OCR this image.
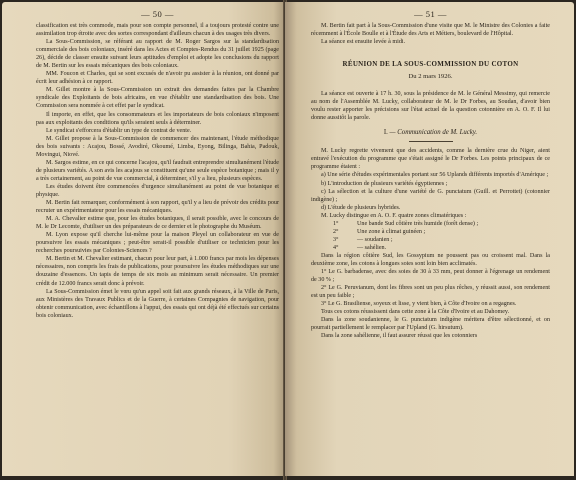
— 50 —

classification est très commode, mais pour son compte personnel, il a toujours protesté contre une assimilation trop étroite avec des sortes correspondant d'ailleurs chacun à des usages très divers.

La Sous-Commission, se référant au rapport de M. Roger Sargos sur la standardisation commerciale des bois coloniaux, inséré dans les Actes et Comptes-Rendus du 31 juillet 1925 (page 26), décide de classer ensuite suivant leurs aptitudes d'emploi et adopte les conclusions du rapport de M. Bertin sur les essais mécaniques des bois coloniaux.

MM. Foucon et Charles, qui se sont excusés de n'avoir pu assister à la réunion, ont donné par écrit leur adhésion à ce rapport.

M. Gillet montre à la Sous-Commission un extrait des demandes faites par la Chambre syndicale des Exploitants de bois africains, en vue d'établir une standardisation des bois. Une Commission sera nommée à cet effet par le syndicat.

Il importe, en effet, que les consommateurs et les importateurs de bois coloniaux n'imposent pas aux exploitants des conditions qu'ils seraient seuls à déterminer.

Le syndicat s'efforcera d'établir un type de contrat de vente.

M. Gillet propose à la Sous-Commission de commencer des maintenant, l'étude méthodique des bois suivants : Acajou, Bossé, Avodiré, Okoumé, Limba, Eyong, Bilinga, Bahia, Padouk, Movingui, Niové.

M. Sargos estime, en ce qui concerne l'acajou, qu'il faudrait entreprendre simultanément l'étude de plusieurs variétés. A son avis les acajous se constituent qu'une seule espèce botanique ; mais il y a très certainement, au point de vue commercial, à déterminer, s'il y a lieu, plusieurs espèces.

Les études doivent être commencées d'urgence simultanément au point de vue botanique et physique.

M. Bertin fait remarquer, conformément à son rapport, qu'il y a lieu de prévoir des crédits pour recruter un expérimentateur pour les essais mécaniques.

M. A. Chevalier estime que, pour les études botaniques, il serait possible, avec le concours de M. le Dr Lecomte, d'utiliser un des préparateurs de ce dernier et le photographe du Muséum.

M. Lyon expose qu'il cherche lui-même pour la maison Pleyel un collaborateur en vue de poursuivre les essais mécaniques ; peut-être serait-il possible d'utiliser ce technicien pour les recherches poursuivies par Colonies-Sciences ?

M. Bertin et M. Chevalier estimant, chacun pour leur part, à 1.000 francs par mois les dépenses nécessaires, non compris les frais de publications, pour poursuivre les études méthodiques sur une douzaine d'essences. Un tapis de temps de six mois au minimum serait nécessaire. Un premier crédit de 12.000 francs serait donc à prévoir.

La Sous-Commission émet le vœu qu'un appel soit fait aux grands réseaux, à la Ville de Paris, aux Ministères des Travaux Publics et de la Guerre, à certaines Compagnies de navigation, pour obtenir communication, avec échantillons à l'appui, des essais qui ont déjà été effectués sur certains bois coloniaux.

— 51 —

M. Bertin fait part à la Sous-Commission d'une visite que M. le Ministre des Colonies a faite récemment à l'École Boulle et à l'Étude des Arts et Métiers, boulevard de l'Hôpital.

La séance est ensuite levée à midi.

RÉUNION DE LA SOUS-COMMISSION DU COTON
Du 2 mars 1926.

La séance est ouverte à 17 h. 30, sous la présidence de M. le Général Messimy, qui remercie au nom de l'Assemblée M. Lucky, collaborateur de M. le Dr Forbes, au Soudan, d'avoir bien voulu rester apporter les précisions sur l'état actuel de la question cotonnière en A. O. F. Il lui donne aussitôt la parole.

I. — Communication de M. Lucky.

M. Lucky regrette vivement que des accidents, comme la dernière crue du Niger, aient entravé l'exécution du programme que s'était assigné le Dr Forbes. Les points principaux de ce programme étaient :

a) Une série d'études expérimentales portant sur 56 Uplands différents importés d'Amérique ;

b) L'introduction de plusieurs variétés égyptiennes ;

c) La sélection et la culture d'une variété de G. punctatum (Guill. et Perrottet) (cotonnier indigène) ;

d) L'étude de plusieurs hybrides.

M. Lucky distingue en A. O. F. quatre zones climatériques :

1°	Une bande Sud côtière très humide (forêt dense) ;
2°	Une zone à climat guinéen ;
3°	— soudanien ;
4°	— sahélien.

Dans la région côtière Sud, les Gossypium ne poussent pas ou croissent mal. Dans la deuxième zone, les cotons à longues soies sont loin bien acclimatés.

1° Le G. barbadense, avec des soies de 30 à 33 mm, peut donner à l'égrenage un rendement de 30 % ;

2° Le G. Peruvianum, dont les fibres sont un peu plus rêches, y réussit aussi, son rendement est un peu faible ;

3° Le G. Brasiliense, soyeux et lisse, y vient bien, à Côte d'Ivoire on a regagnes.

Tous ces cotons réussissent dans cette zone à la Côte d'Ivoire et au Dahomey.

Dans la zone soudanienne, le G. punctatum indigène méritera d'être sélectionné, et on pourrait partiellement le remplacer par l'Upland (G. hirsutum).

Dans la zone sahélienne, il faut assurer réussi que les cotonniers
